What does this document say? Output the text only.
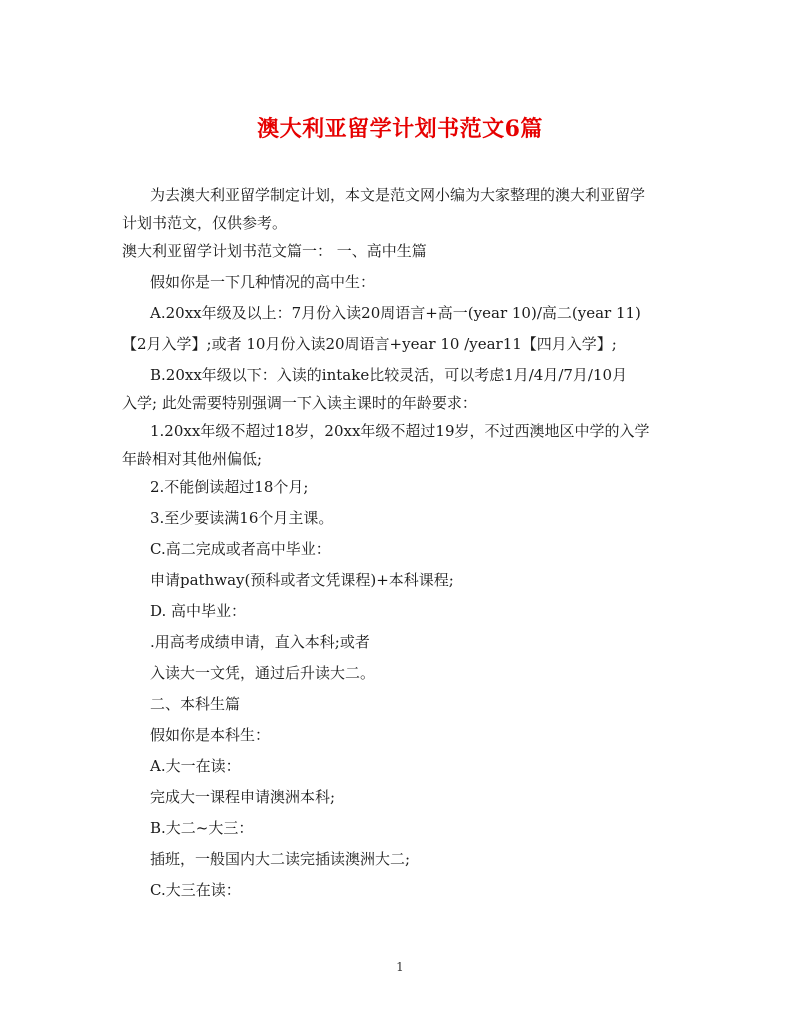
澳大利亚留学计划书范文6篇
为去澳大利亚留学制定计划，本文是范文网小编为大家整理的澳大利亚留学
计划书范文，仅供参考。
澳大利亚留学计划书范文篇一： 一、高中生篇
假如你是一下几种情况的高中生：
A.20xx年级及以上：7月份入读20周语言+高一(year 10)/高二(year 11)
【2月入学】;或者 10月份入读20周语言+year 10 /year11【四月入学】;
B.20xx年级以下：入读的intake比较灵活，可以考虑1月/4月/7月/10月
入学; 此处需要特别强调一下入读主课时的年龄要求：
1.20xx年级不超过18岁，20xx年级不超过19岁，不过西澳地区中学的入学
年龄相对其他州偏低;
2.不能倒读超过18个月;
3.至少要读满16个月主课。
C.高二完成或者高中毕业：
申请pathway(预科或者文凭课程)+本科课程;
D. 高中毕业：
.用高考成绩申请，直入本科;或者
入读大一文凭，通过后升读大二。
二、本科生篇
假如你是本科生：
A.大一在读：
完成大一课程申请澳洲本科;
B.大二~大三：
插班，一般国内大二读完插读澳洲大二;
C.大三在读：
1
